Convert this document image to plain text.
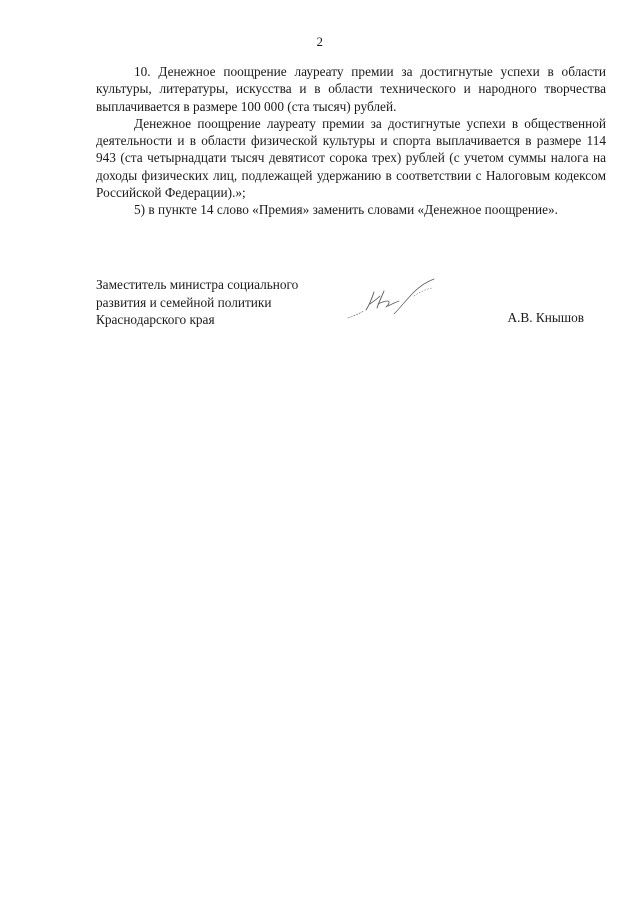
2

10. Денежное поощрение лауреату премии за достигнутые успехи в области культуры, литературы, искусства и в области технического и народного творчества выплачивается в размере 100 000 (ста тысяч) рублей.

Денежное поощрение лауреату премии за достигнутые успехи в общественной деятельности и в области физической культуры и спорта выплачивается в размере 114 943 (ста четырнадцати тысяч девятисот сорока трех) рублей (с учетом суммы налога на доходы физических лиц, подлежащей удержанию в соответствии с Налоговым кодексом Российской Федерации).»;

5) в пункте 14 слово «Премия» заменить словами «Денежное поощрение».

Заместитель министра социального
развития и семейной политики
Краснодарского края	А.В. Кнышов
